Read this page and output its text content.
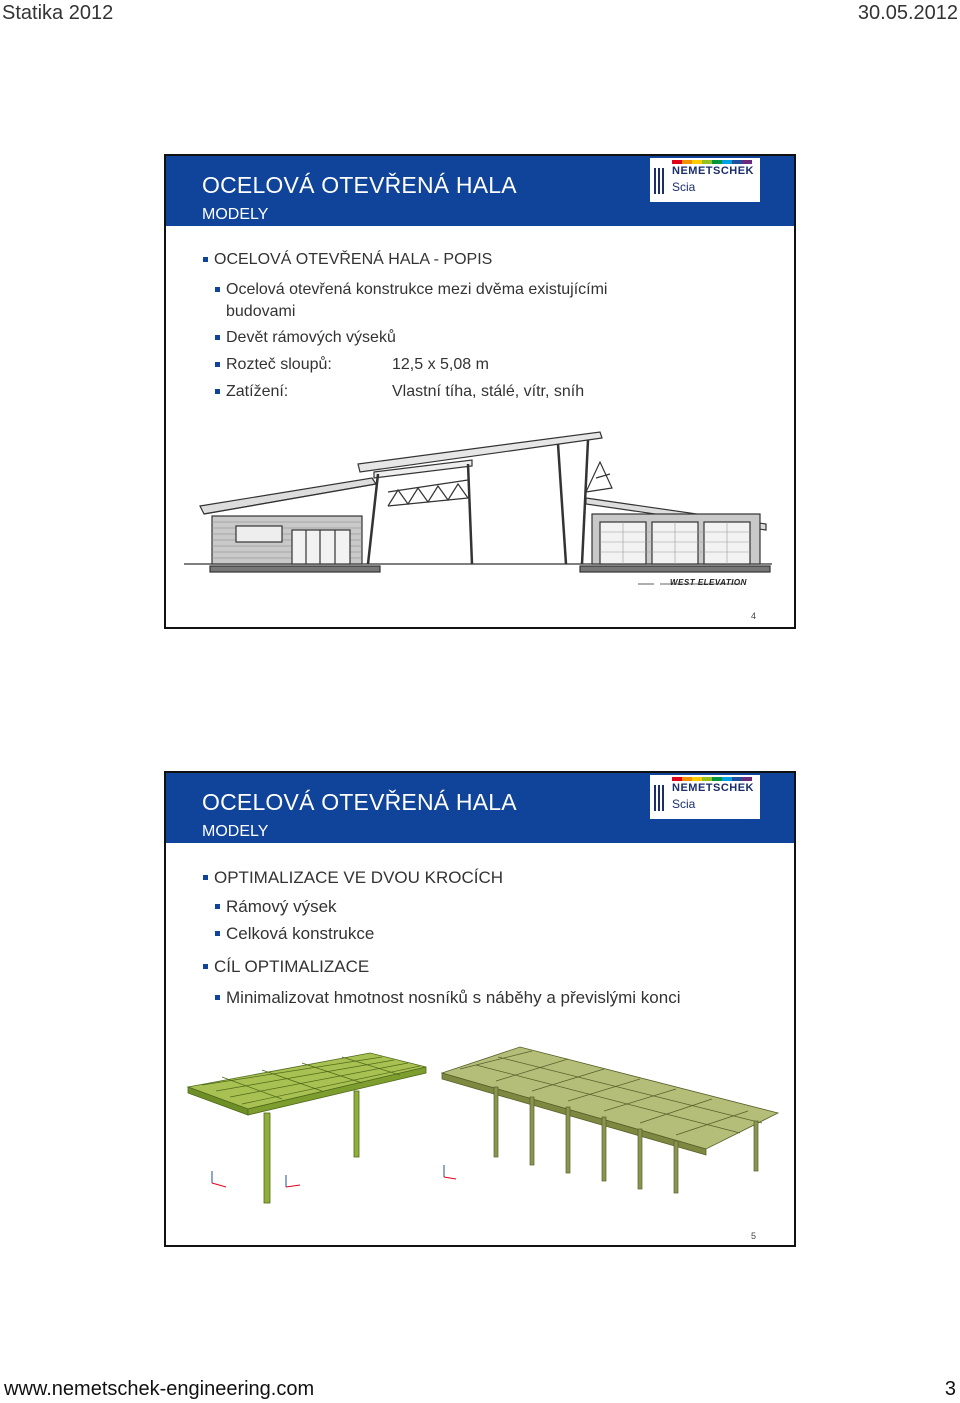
Statika 2012	30.05.2012
OCELOVÁ OTEVŘENÁ HALA
MODELY
NEMETSCHEK
Scia
OCELOVÁ OTEVŘENÁ HALA - POPIS
Ocelová otevřená konstrukce mezi dvěma existujícími
budovami
Devět rámových výseků
Rozteč sloupů:	12,5 x 5,08 m
Zatížení:	Vlastní tíha, stálé, vítr, sníh
WEST ELEVATION
4
OCELOVÁ OTEVŘENÁ HALA
MODELY
NEMETSCHEK
Scia
OPTIMALIZACE VE DVOU KROCÍCH
Rámový výsek
Celková konstrukce
CÍL OPTIMALIZACE
Minimalizovat hmotnost nosníků s náběhy a převislými konci
5
www.nemetschek-engineering.com	3
